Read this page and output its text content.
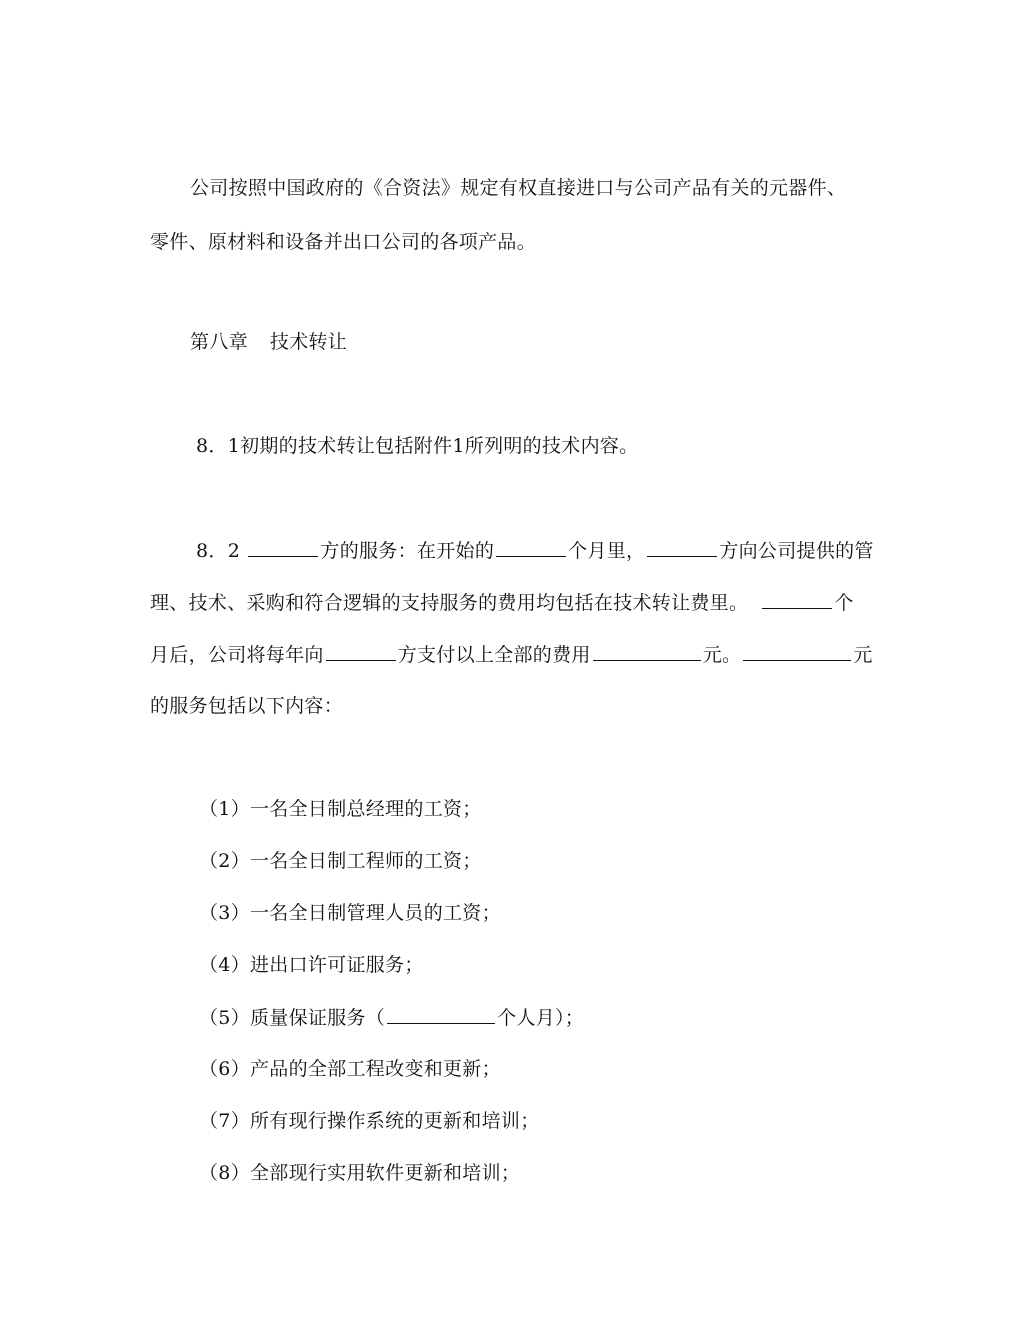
公司按照中国政府的《合资法》规定有权直接进口与公司产品有关的元器件、
零件、原材料和设备并出口公司的各项产品。
第八章 技术转让
8．1初期的技术转让包括附件1所列明的技术内容。
8．2	方的服务：在开始的	个月里，	方向公司提供的管
理、技术、采购和符合逻辑的支持服务的费用均包括在技术转让费里。	个
月后，公司将每年向	方支付以上全部的费用	元。	元
的服务包括以下内容：
（1）一名全日制总经理的工资；
（2）一名全日制工程师的工资；
（3）一名全日制管理人员的工资；
（4）进出口许可证服务；
（5）质量保证服务（	个人月）；
（6）产品的全部工程改变和更新；
（7）所有现行操作系统的更新和培训；
（8）全部现行实用软件更新和培训；
